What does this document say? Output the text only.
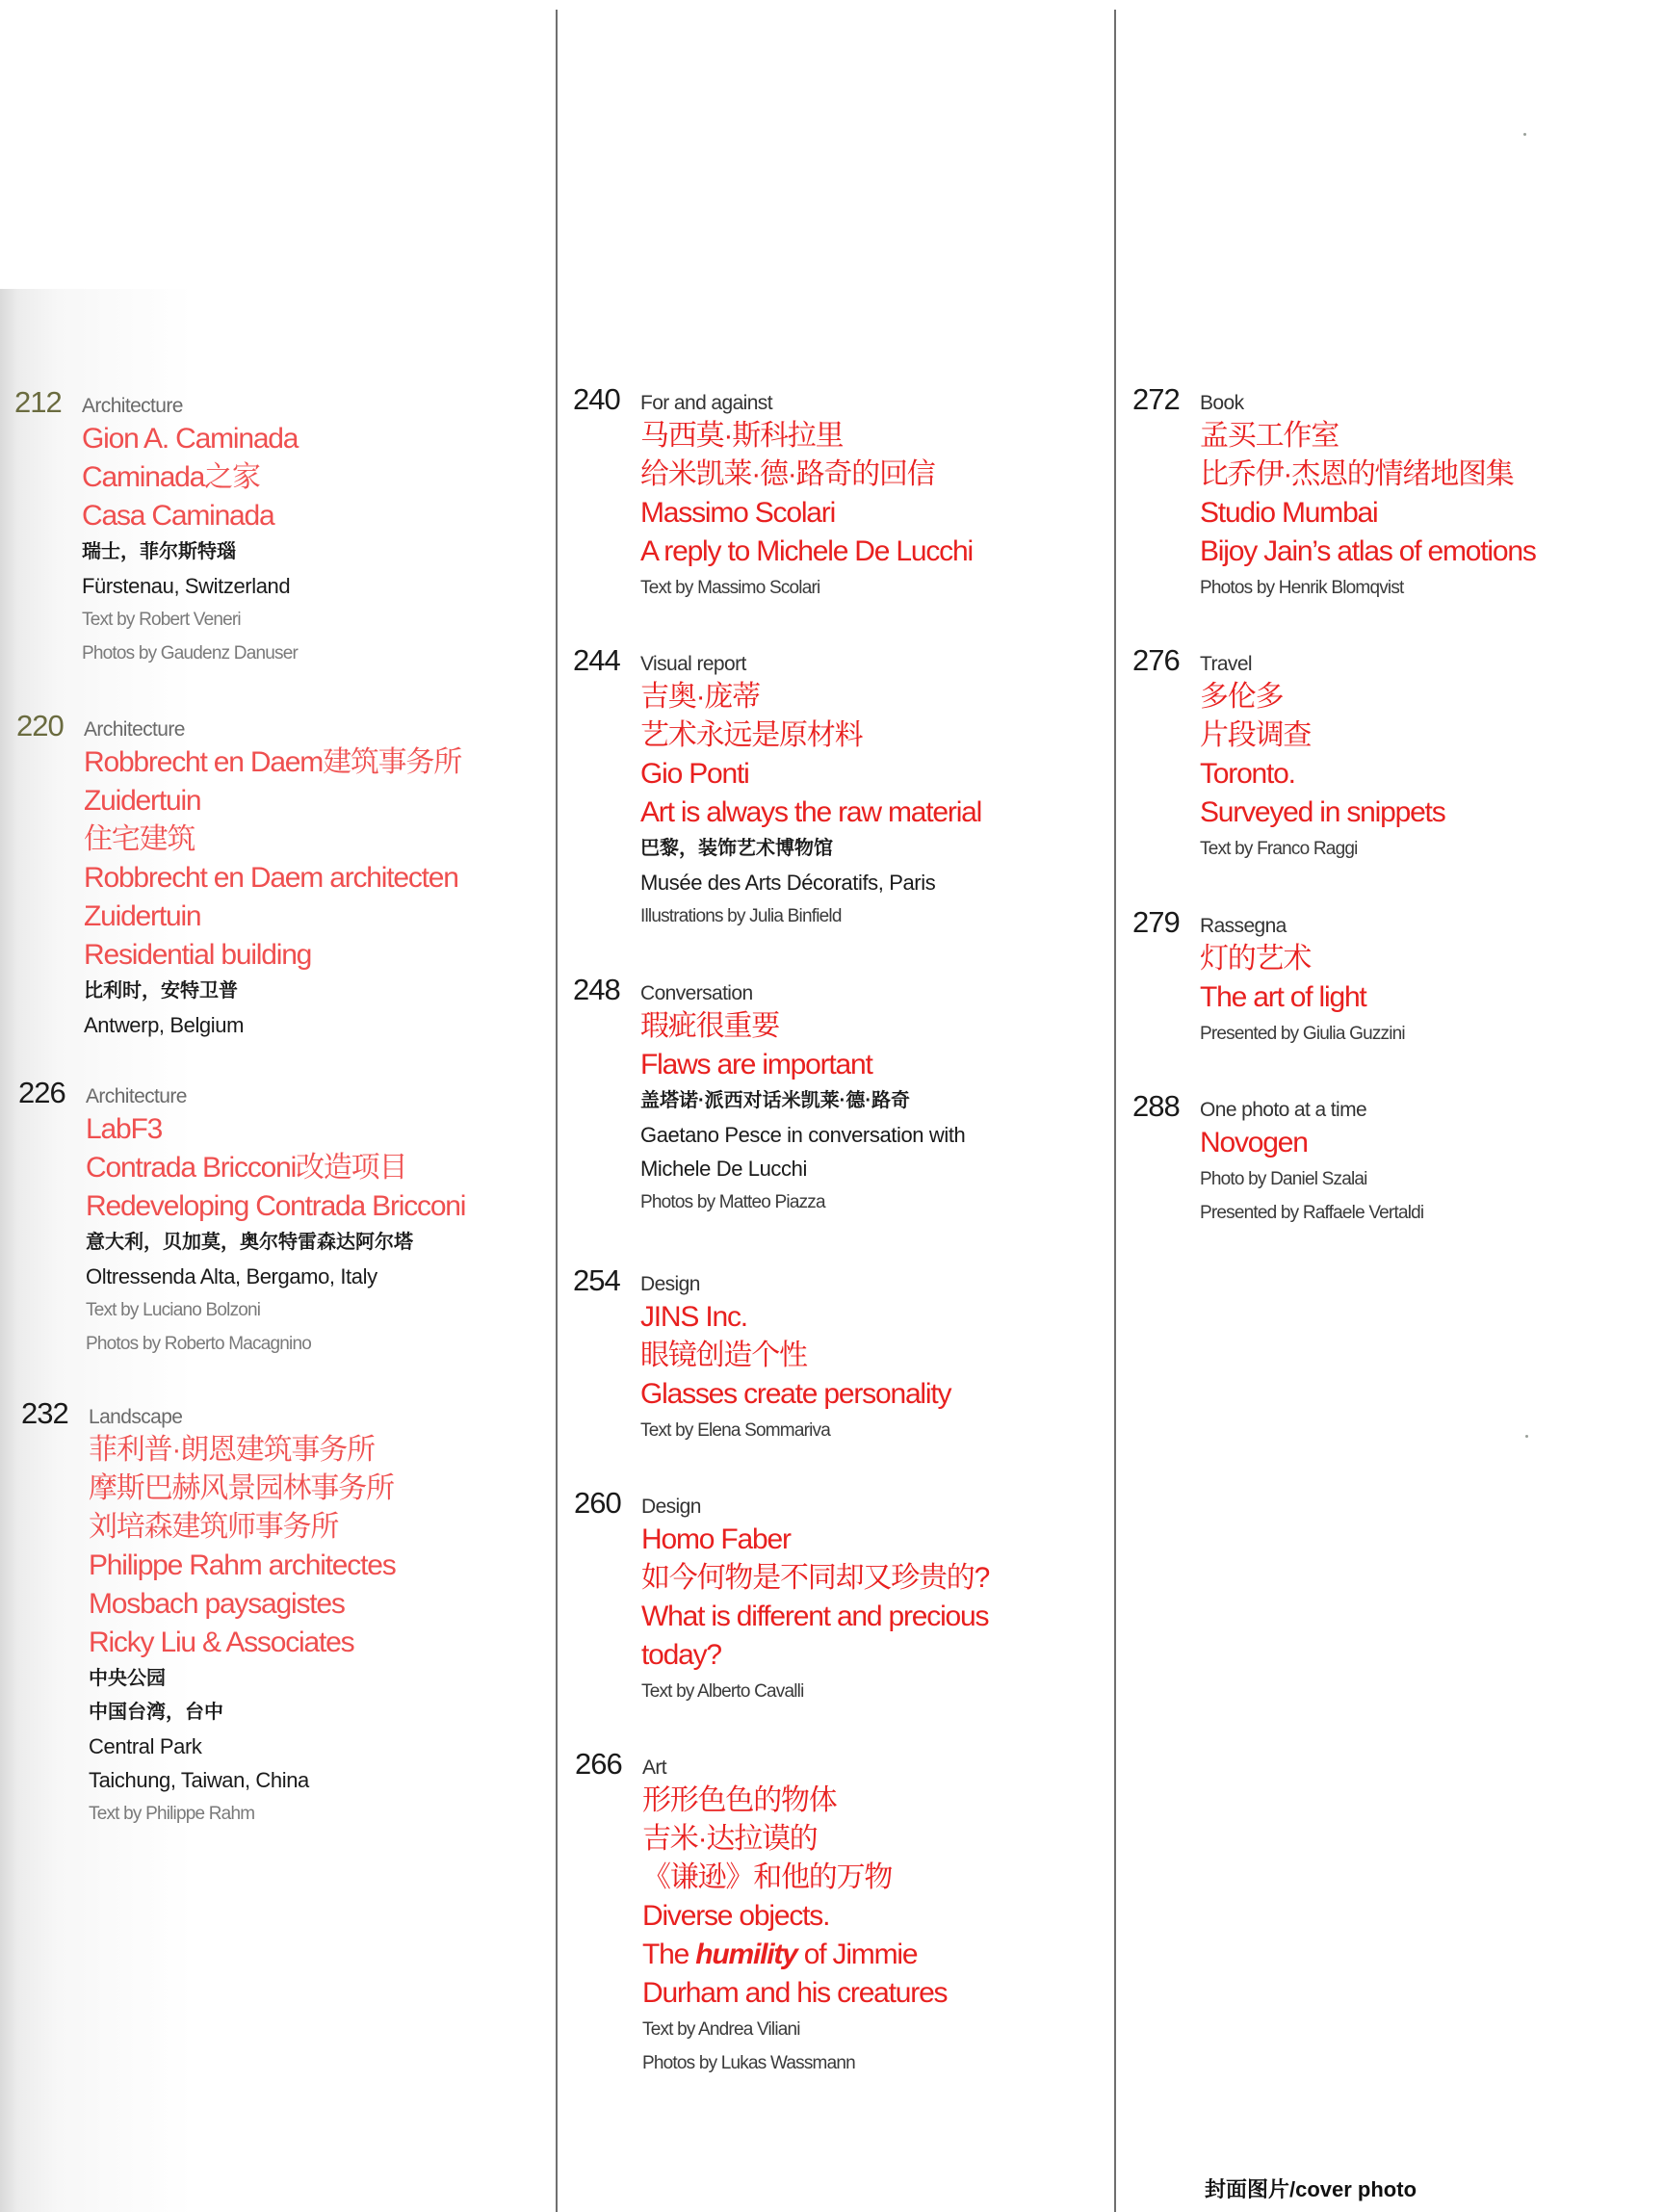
212	Architecture
Gion A. Caminada
Caminada之家
Casa Caminada
瑞士，菲尔斯特瑙
Fürstenau, Switzerland
Text by Robert Veneri
Photos by Gaudenz Danuser
220	Architecture
Robbrecht en Daem建筑事务所
Zuidertuin
住宅建筑
Robbrecht en Daem architecten
Zuidertuin
Residential building
比利时，安特卫普
Antwerp, Belgium
226	Architecture
LabF3
Contrada Bricconi改造项目
Redeveloping Contrada Bricconi
意大利，贝加莫，奥尔特雷森达阿尔塔
Oltressenda Alta, Bergamo, Italy
Text by Luciano Bolzoni
Photos by Roberto Macagnino
232	Landscape
菲利普·朗恩建筑事务所
摩斯巴赫风景园林事务所
刘培森建筑师事务所
Philippe Rahm architectes
Mosbach paysagistes
Ricky Liu & Associates
中央公园
中国台湾，台中
Central Park
Taichung, Taiwan, China
Text by Philippe Rahm
240	For and against
马西莫·斯科拉里
给米凯莱·德·路奇的回信
Massimo Scolari
A reply to Michele De Lucchi
Text by Massimo Scolari
244	Visual report
吉奥·庞蒂
艺术永远是原材料
Gio Ponti
Art is always the raw material
巴黎，装饰艺术博物馆
Musée des Arts Décoratifs, Paris
Illustrations by Julia Binfield
248	Conversation
瑕疵很重要
Flaws are important
盖塔诺·派西对话米凯莱·德·路奇
Gaetano Pesce in conversation with
Michele De Lucchi
Photos by Matteo Piazza
254	Design
JINS Inc.
眼镜创造个性
Glasses create personality
Text by Elena Sommariva
260	Design
Homo Faber
如今何物是不同却又珍贵的?
What is different and precious
today?
Text by Alberto Cavalli
266	Art
形形色色的物体
吉米·达拉谟的
《谦逊》和他的万物
Diverse objects.
The humility of Jimmie
Durham and his creatures
Text by Andrea Viliani
Photos by Lukas Wassmann
272	Book
孟买工作室
比乔伊·杰恩的情绪地图集
Studio Mumbai
Bijoy Jain’s atlas of emotions
Photos by Henrik Blomqvist
276	Travel
多伦多
片段调查
Toronto.
Surveyed in snippets
Text by Franco Raggi
279	Rassegna
灯的艺术
The art of light
Presented by Giulia Guzzini
288	One photo at a time
Novogen
Photo by Daniel Szalai
Presented by Raffaele Vertaldi
封面图片/cover photo
